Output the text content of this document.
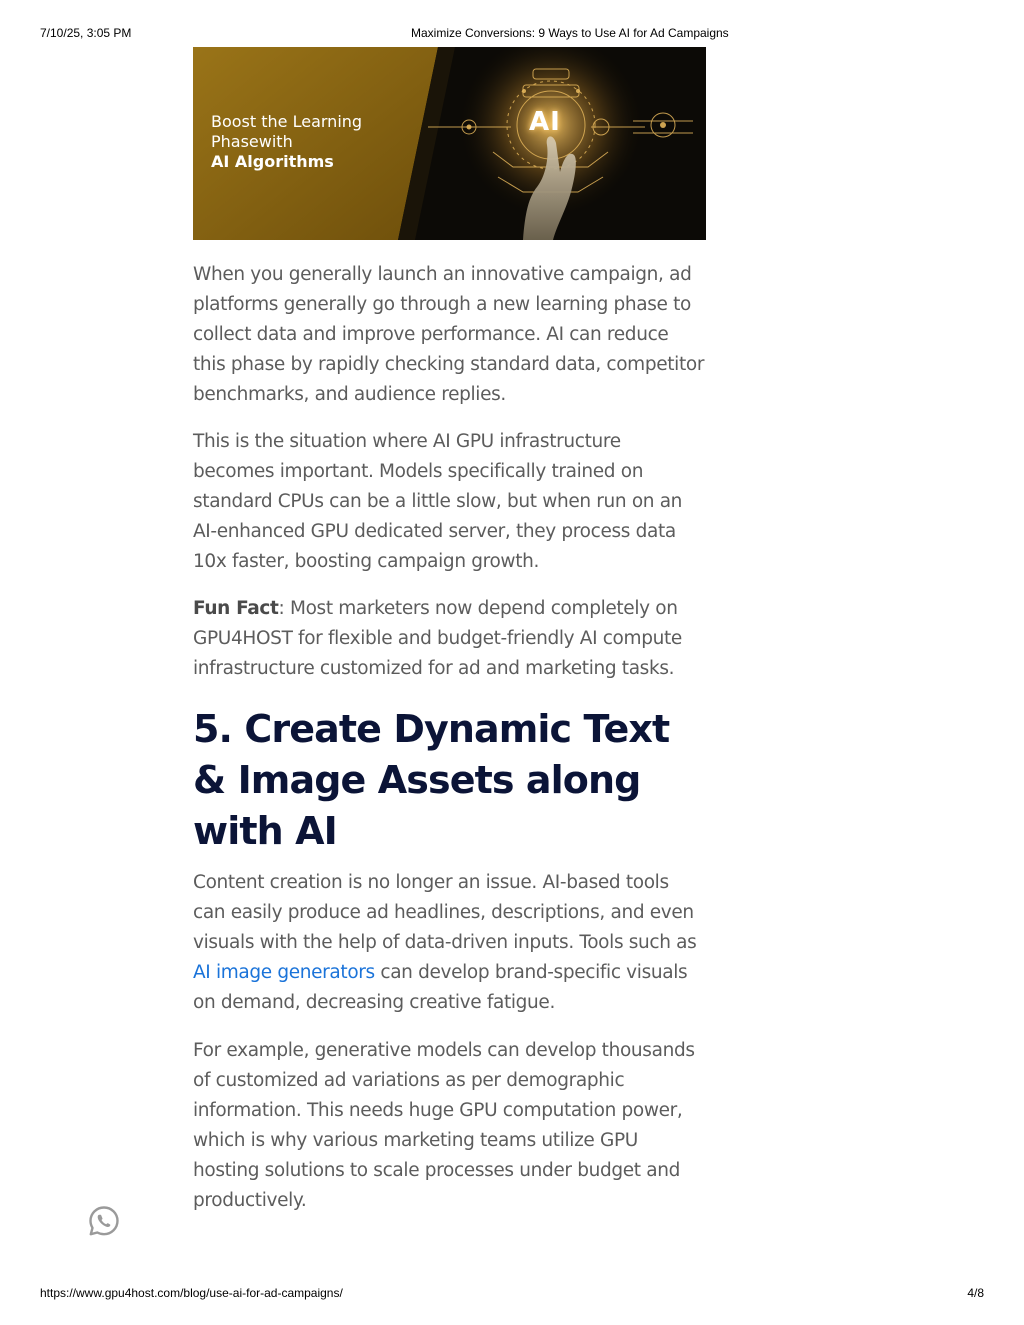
7/10/25, 3:05 PM	Maximize Conversions: 9 Ways to Use AI for Ad Campaigns
Boost the Learning
Phasewith
AI Algorithms
AI

When you generally launch an innovative campaign, ad platforms generally go through a new learning phase to collect data and improve performance. AI can reduce this phase by rapidly checking standard data, competitor benchmarks, and audience replies.

This is the situation where AI GPU infrastructure becomes important. Models specifically trained on standard CPUs can be a little slow, but when run on an AI-enhanced GPU dedicated server, they process data 10x faster, boosting campaign growth.

Fun Fact: Most marketers now depend completely on GPU4HOST for flexible and budget-friendly AI compute infrastructure customized for ad and marketing tasks.

5. Create Dynamic Text & Image Assets along with AI

Content creation is no longer an issue. AI-based tools can easily produce ad headlines, descriptions, and even visuals with the help of data-driven inputs. Tools such as AI image generators can develop brand-specific visuals on demand, decreasing creative fatigue.

For example, generative models can develop thousands of customized ad variations as per demographic information. This needs huge GPU computation power, which is why various marketing teams utilize GPU hosting solutions to scale processes under budget and productively.

https://www.gpu4host.com/blog/use-ai-for-ad-campaigns/	4/8
